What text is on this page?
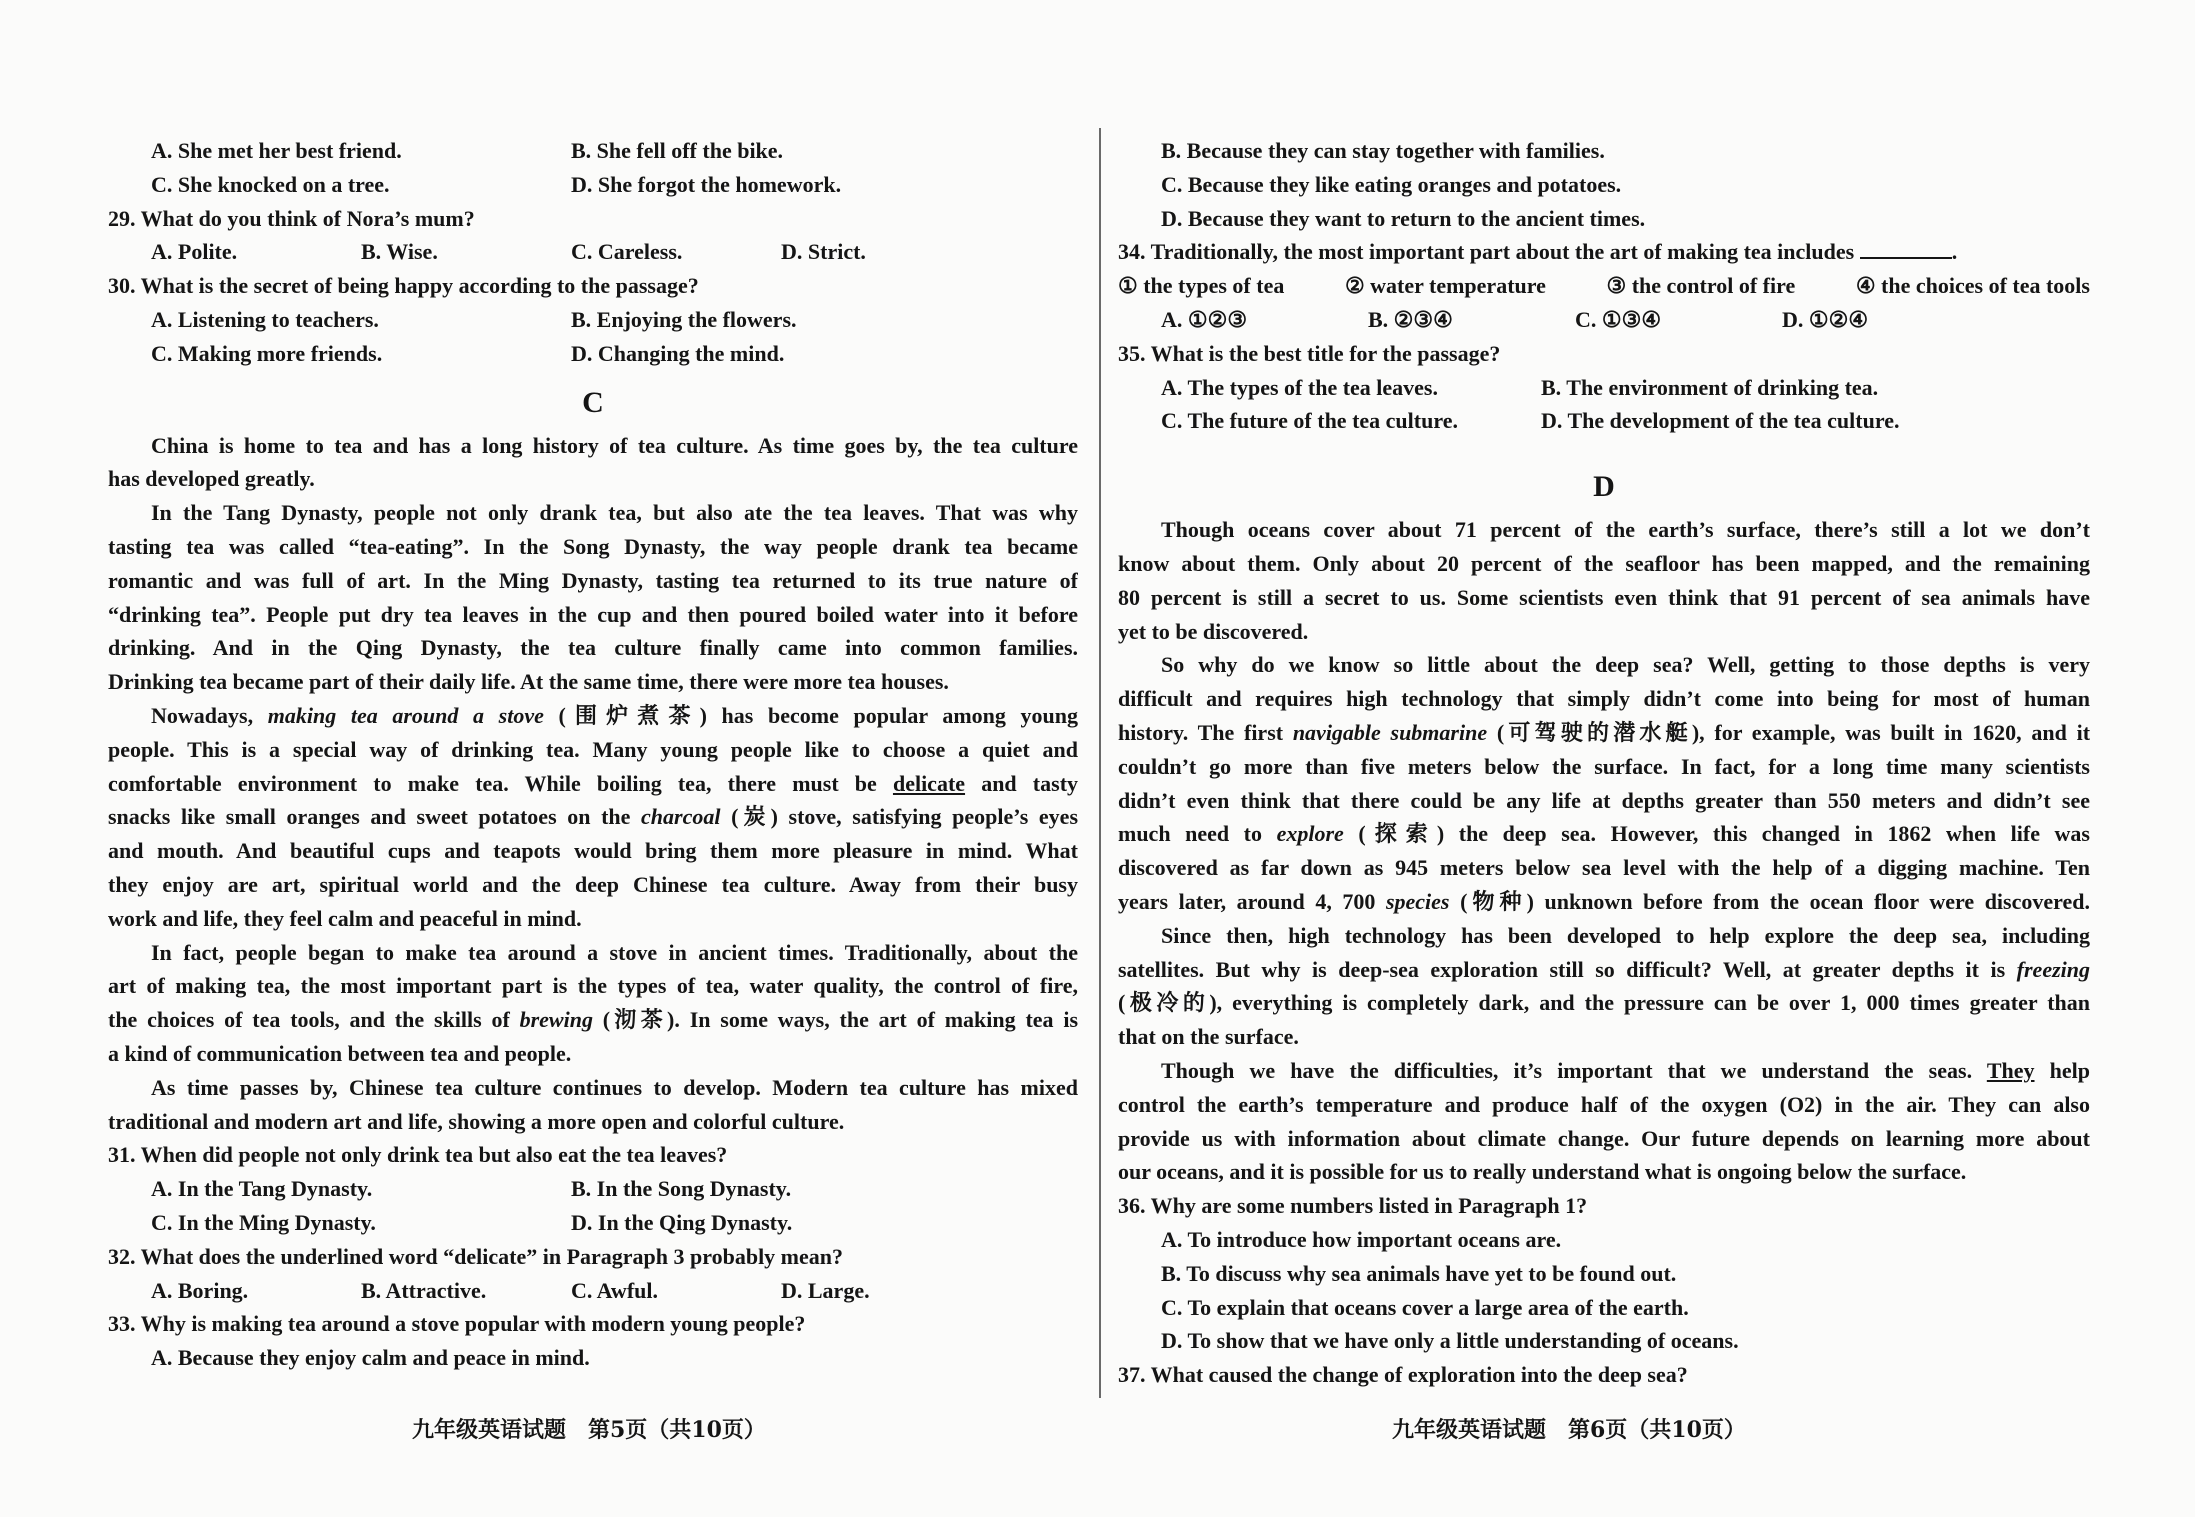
A. She met her best friend.	B. She fell off the bike.
C. She knocked on a tree.	D. She forgot the homework.
29. What do you think of Nora’s mum?
A. Polite.	B. Wise.	C. Careless.	D. Strict.
30. What is the secret of being happy according to the passage?
A. Listening to teachers.	B. Enjoying the flowers.
C. Making more friends.	D. Changing the mind.
C
China is home to tea and has a long history of tea culture. As time goes by, the tea culture
has developed greatly.
In the Tang Dynasty, people not only drank tea, but also ate the tea leaves. That was why
tasting tea was called “tea-eating”. In the Song Dynasty, the way people drank tea became
romantic and was full of art. In the Ming Dynasty, tasting tea returned to its true nature of
“drinking tea”. People put dry tea leaves in the cup and then poured boiled water into it before
drinking. And in the Qing Dynasty, the tea culture finally came into common families.
Drinking tea became part of their daily life. At the same time, there were more tea houses.
Nowadays, making tea around a stove (围炉煮茶) has become popular among young
people. This is a special way of drinking tea. Many young people like to choose a quiet and
comfortable environment to make tea. While boiling tea, there must be delicate and tasty
snacks like small oranges and sweet potatoes on the charcoal (炭) stove, satisfying people’s eyes
and mouth. And beautiful cups and teapots would bring them more pleasure in mind. What
they enjoy are art, spiritual world and the deep Chinese tea culture. Away from their busy
work and life, they feel calm and peaceful in mind.
In fact, people began to make tea around a stove in ancient times. Traditionally, about the
art of making tea, the most important part is the types of tea, water quality, the control of fire,
the choices of tea tools, and the skills of brewing (沏茶). In some ways, the art of making tea is
a kind of communication between tea and people.
As time passes by, Chinese tea culture continues to develop. Modern tea culture has mixed
traditional and modern art and life, showing a more open and colorful culture.
31. When did people not only drink tea but also eat the tea leaves?
A. In the Tang Dynasty.	B. In the Song Dynasty.
C. In the Ming Dynasty.	D. In the Qing Dynasty.
32. What does the underlined word “delicate” in Paragraph 3 probably mean?
A. Boring.	B. Attractive.	C. Awful.	D. Large.
33. Why is making tea around a stove popular with modern young people?
A. Because they enjoy calm and peace in mind.
B. Because they can stay together with families.
C. Because they like eating oranges and potatoes.
D. Because they want to return to the ancient times.
34. Traditionally, the most important part about the art of making tea includes	.
① the types of tea	② water temperature	③ the control of fire	④ the choices of tea tools
A. ①②③	B. ②③④	C. ①③④	D. ①②④
35. What is the best title for the passage?
A. The types of the tea leaves.	B. The environment of drinking tea.
C. The future of the tea culture.	D. The development of the tea culture.
D
Though oceans cover about 71 percent of the earth’s surface, there’s still a lot we don’t
know about them. Only about 20 percent of the seafloor has been mapped, and the remaining
80 percent is still a secret to us. Some scientists even think that 91 percent of sea animals have
yet to be discovered.
So why do we know so little about the deep sea? Well, getting to those depths is very
difficult and requires high technology that simply didn’t come into being for most of human
history. The first navigable submarine (可驾驶的潜水艇), for example, was built in 1620, and it
couldn’t go more than five meters below the surface. In fact, for a long time many scientists
didn’t even think that there could be any life at depths greater than 550 meters and didn’t see
much need to explore (探索) the deep sea. However, this changed in 1862 when life was
discovered as far down as 945 meters below sea level with the help of a digging machine. Ten
years later, around 4, 700 species (物种) unknown before from the ocean floor were discovered.
Since then, high technology has been developed to help explore the deep sea, including
satellites. But why is deep-sea exploration still so difficult? Well, at greater depths it is freezing
(极冷的), everything is completely dark, and the pressure can be over 1, 000 times greater than
that on the surface.
Though we have the difficulties, it’s important that we understand the seas. They help
control the earth’s temperature and produce half of the oxygen (O2) in the air. They can also
provide us with information about climate change. Our future depends on learning more about
our oceans, and it is possible for us to really understand what is ongoing below the surface.
36. Why are some numbers listed in Paragraph 1?
A. To introduce how important oceans are.
B. To discuss why sea animals have yet to be found out.
C. To explain that oceans cover a large area of the earth.
D. To show that we have only a little understanding of oceans.
37. What caused the change of exploration into the deep sea?
九年级英语试题　第5页（共10页）	九年级英语试题　第6页（共10页）
